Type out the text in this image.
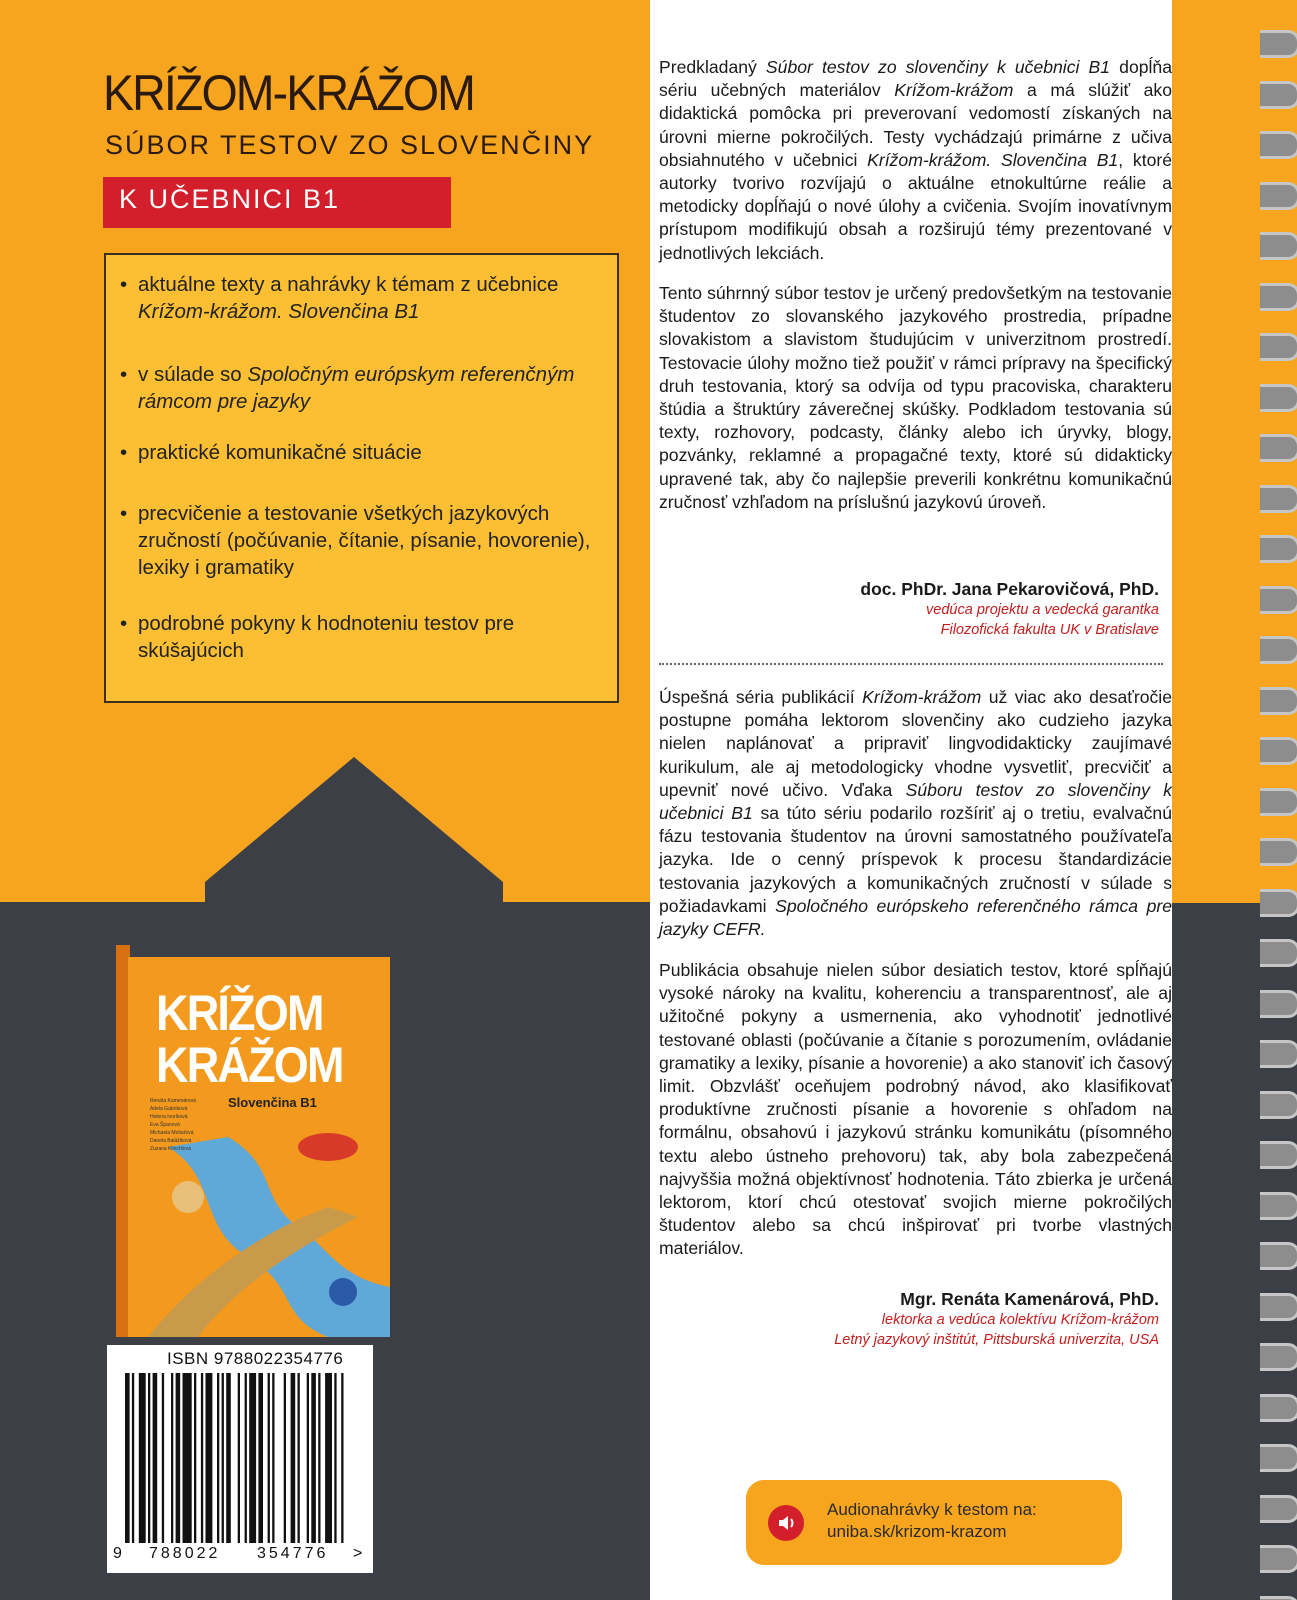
KRÍŽOM-KRÁŽOM
SÚBOR TESTOV ZO SLOVENČINY
K UČEBNICI B1
• aktuálne texty a nahrávky k témam z učebnice Krížom-krážom. Slovenčina B1
• v súlade so Spoločným európskym referenčným rámcom pre jazyky
• praktické komunikačné situácie
• precvičenie a testovanie všetkých jazykových zručností (počúvanie, čítanie, písanie, hovorenie), lexiky i gramatiky
• podrobné pokyny k hodnoteniu testov pre skúšajúcich
KRÍŽOM
KRÁŽOM
Slovenčina B1
Renáta Kamenárová
Adela Gabríková
Helena Ivoríková
Eva Španová
Michaela Mošaťová
Danela Balážiková
Zuzana Klinchlová
ISBN 9788022354776
9 788022 354776 >
Predkladaný Súbor testov zo slovenčiny k učebnici B1 dopĺňa sériu učebných materiálov Krížom-krážom a má slúžiť ako didaktická pomôcka pri preverovaní vedomostí získaných na úrovni mierne pokročilých. Testy vychádzajú primárne z učiva obsiahnutého v učebnici Krížom-krážom. Slovenčina B1, ktoré autorky tvorivo rozvíjajú o aktuálne etnokultúrne reálie a metodicky dopĺňajú o nové úlohy a cvičenia. Svojím inovatívnym prístupom modifikujú obsah a rozširujú témy prezentované v jednotlivých lekciách.
Tento súhrnný súbor testov je určený predovšetkým na testovanie študentov zo slovanského jazykového prostredia, prípadne slovakistom a slavistom študujúcim v univerzitnom prostredí. Testovacie úlohy možno tiež použiť v rámci prípravy na špecifický druh testovania, ktorý sa odvíja od typu pracoviska, charakteru štúdia a štruktúry záverečnej skúšky. Podkladom testovania sú texty, rozhovory, podcasty, články alebo ich úryvky, blogy, pozvánky, reklamné a propagačné texty, ktoré sú didakticky upravené tak, aby čo najlepšie preverili konkrétnu komunikačnú zručnosť vzhľadom na príslušnú jazykovú úroveň.
doc. PhDr. Jana Pekarovičová, PhD.
vedúca projektu a vedecká garantka
Filozofická fakulta UK v Bratislave
Úspešná séria publikácií Krížom-krážom už viac ako desaťročie postupne pomáha lektorom slovenčiny ako cudzieho jazyka nielen naplánovať a pripraviť lingvodidakticky zaujímavé kurikulum, ale aj metodologicky vhodne vysvetliť, precvičiť a upevniť nové učivo. Vďaka Súboru testov zo slovenčiny k učebnici B1 sa túto sériu podarilo rozšíriť aj o tretiu, evalvačnú fázu testovania študentov na úrovni samostatného používateľa jazyka. Ide o cenný príspevok k procesu štandardizácie testovania jazykových a komunikačných zručností v súlade s požiadavkami Spoločného európskeho referenčného rámca pre jazyky CEFR.
Publikácia obsahuje nielen súbor desiatich testov, ktoré spĺňajú vysoké nároky na kvalitu, koherenciu a transparentnosť, ale aj užitočné pokyny a usmernenia, ako vyhodnotiť jednotlivé testované oblasti (počúvanie a čítanie s porozumením, ovládanie gramatiky a lexiky, písanie a hovorenie) a ako stanoviť ich časový limit. Obzvlášť oceňujem podrobný návod, ako klasifikovať produktívne zručnosti písanie a hovorenie s ohľadom na formálnu, obsahovú i jazykovú stránku komunikátu (písomného textu alebo ústneho prehovoru) tak, aby bola zabezpečená najvyššia možná objektívnosť hodnotenia. Táto zbierka je určená lektorom, ktorí chcú otestovať svojich mierne pokročilých študentov alebo sa chcú inšpirovať pri tvorbe vlastných materiálov.
Mgr. Renáta Kamenárová, PhD.
lektorka a vedúca kolektívu Krížom-krážom
Letný jazykový inštitút, Pittsburská univerzita, USA
Audionahrávky k testom na:
uniba.sk/krizom-krazom
